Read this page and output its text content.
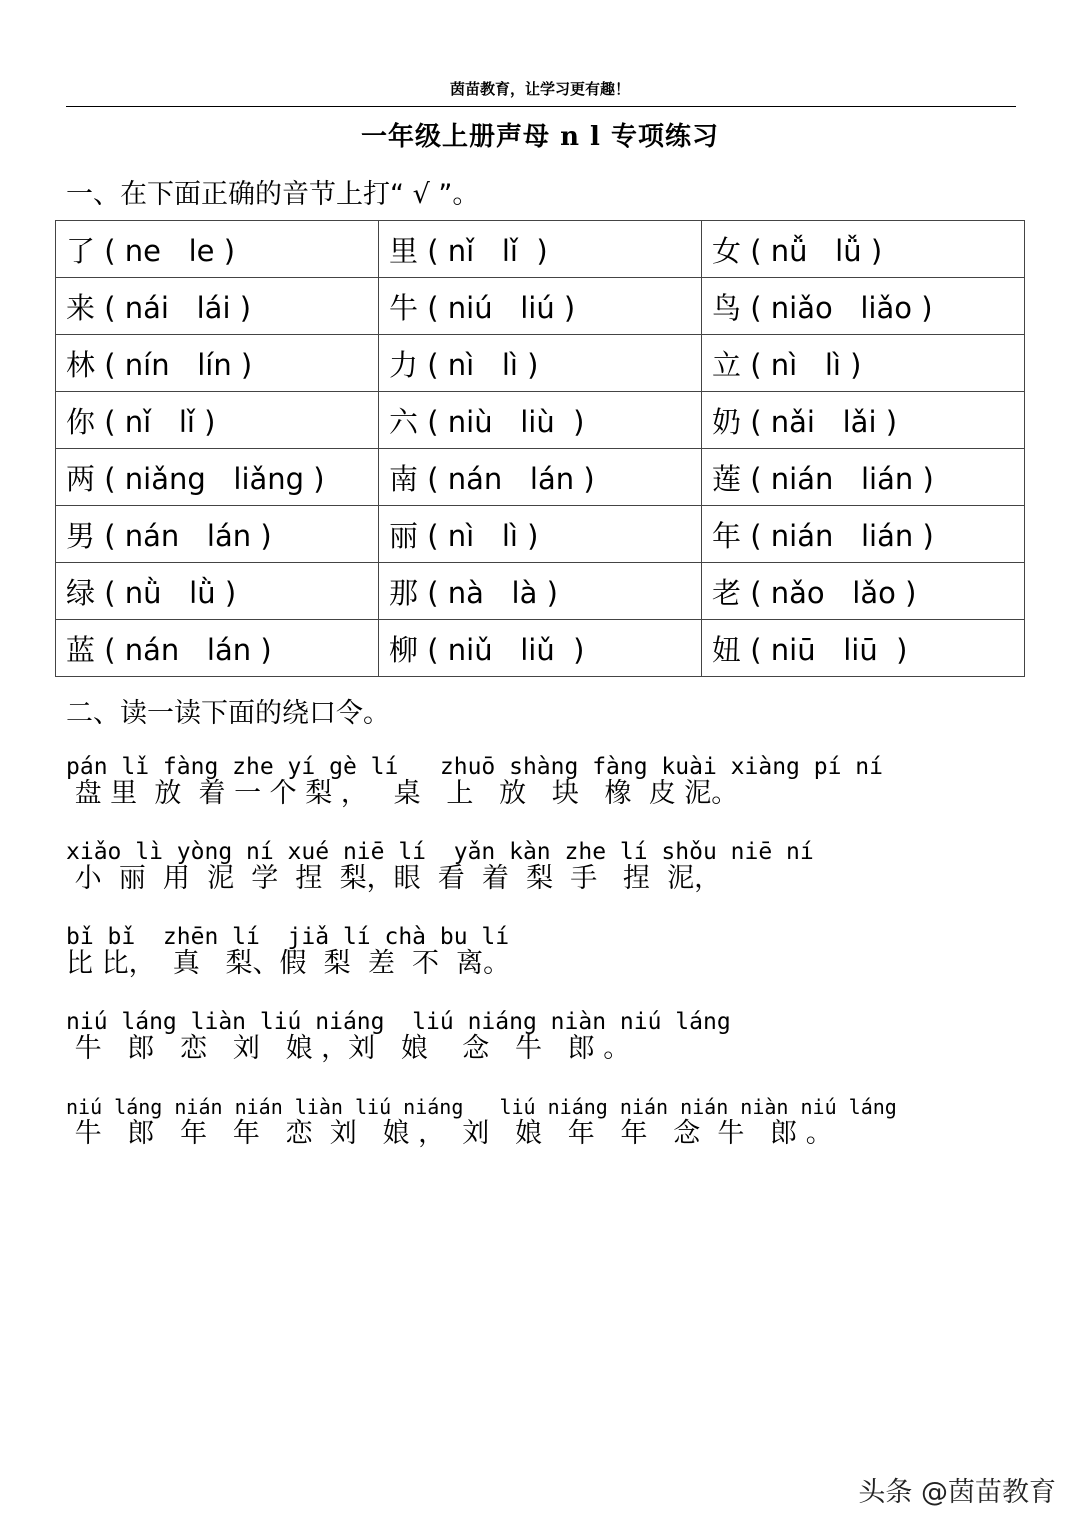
茵苗教育，让学习更有趣！
一年级上册声母 n l 专项练习
一、在下面正确的音节上打“ √ ”。
了 ( ne   le )	里 ( nǐ   lǐ  )	女 ( nǚ   lǚ )
来 ( nái   lái )	牛 ( niú   liú )	鸟 ( niǎo   liǎo )
林 ( nín   lín )	力 ( nì   lì )	立 ( nì   lì )
你 ( nǐ   lǐ )	六 ( niù   liù  )	奶 ( nǎi   lǎi )
两 ( niǎng   liǎng )	南 ( nán   lán )	莲 ( nián   lián )
男 ( nán   lán )	丽 ( nì   lì )	年 ( nián   lián )
绿 ( nǜ   lǜ )	那 ( nà   là )	老 ( nǎo   lǎo )
蓝 ( nán   lán )	柳 ( niǔ   liǔ  )	妞 ( niū   liū  )
二、读一读下面的绕口令。
pán lǐ fàng zhe yí gè lí   zhuō shàng fàng kuài xiàng pí ní
盘 里  放  着 一 个 梨 ，   桌   上   放   块   橡  皮 泥。
xiǎo lì yòng ní xué niē lí  yǎn kàn zhe lí shǒu niē ní
小  丽  用  泥  学  捏  梨，眼  看  着  梨  手   捏  泥，
bǐ bǐ  zhēn lí  jiǎ lí chà bu lí
比 比，  真   梨、假  梨  差  不  离。
niú láng liàn liú niáng  liú niáng niàn niú láng
牛   郎   恋   刘   娘 ，刘   娘    念   牛   郎 。
niú láng nián nián liàn liú niáng   liú niáng nián nián niàn niú láng
牛   郎   年   年   恋  刘   娘 ，  刘   娘   年   年   念  牛   郎 。
头条 @茵苗教育
